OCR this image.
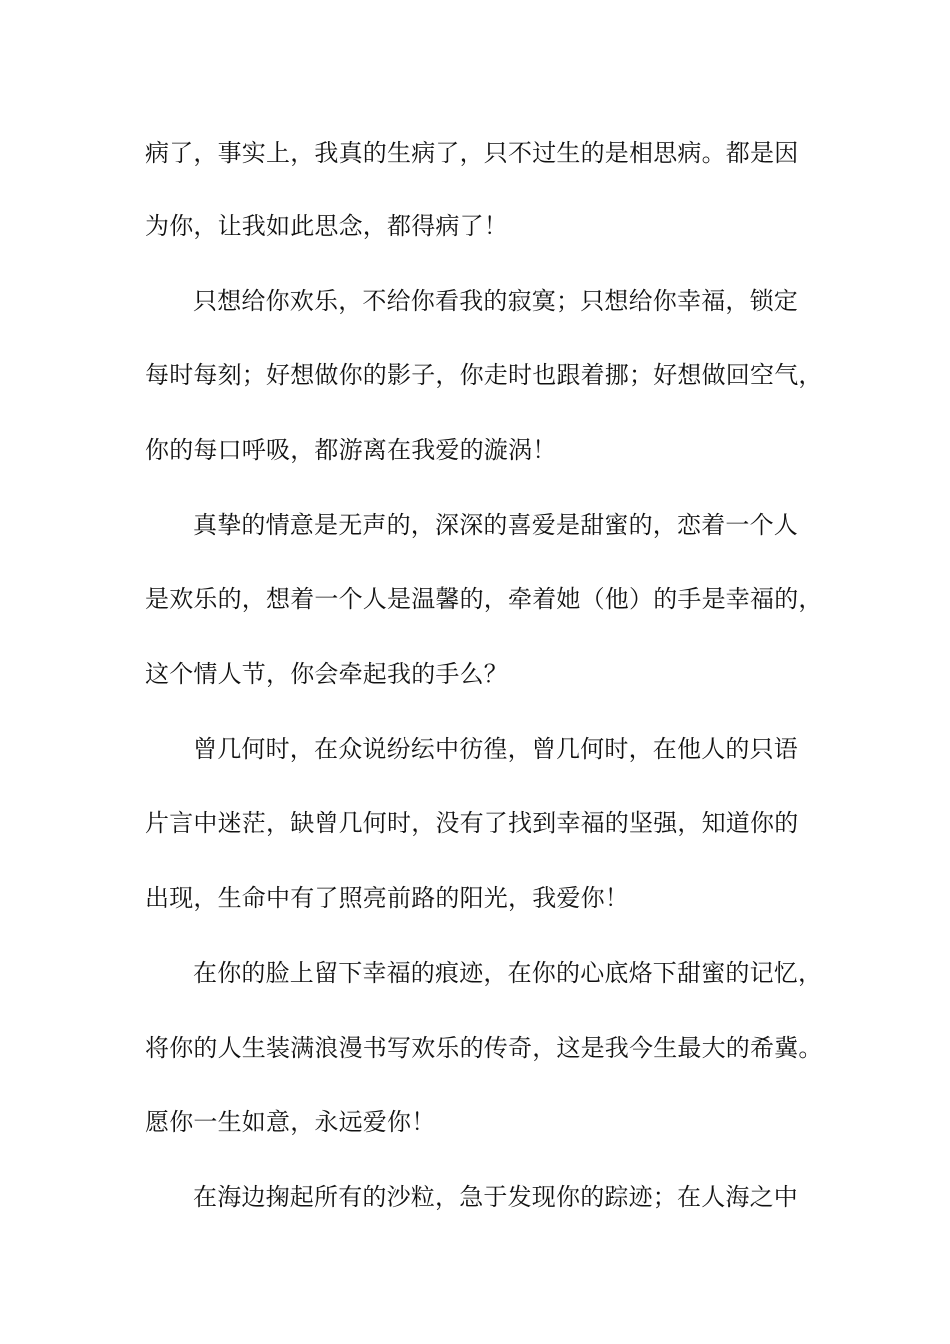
病了，事实上，我真的生病了，只不过生的是相思病。都是因
为你，让我如此思念，都得病了！
只想给你欢乐，不给你看我的寂寞；只想给你幸福，锁定
每时每刻；好想做你的影子，你走时也跟着挪；好想做回空气，
你的每口呼吸，都游离在我爱的漩涡！
真挚的情意是无声的，深深的喜爱是甜蜜的，恋着一个人
是欢乐的，想着一个人是温馨的，牵着她（他）的手是幸福的，
这个情人节，你会牵起我的手么？
曾几何时，在众说纷纭中彷徨，曾几何时，在他人的只语
片言中迷茫，缺曾几何时，没有了找到幸福的坚强，知道你的
出现，生命中有了照亮前路的阳光，我爱你！
在你的脸上留下幸福的痕迹，在你的心底烙下甜蜜的记忆，
将你的人生装满浪漫书写欢乐的传奇，这是我今生最大的希冀。
愿你一生如意，永远爱你！
在海边掬起所有的沙粒，急于发现你的踪迹；在人海之中
